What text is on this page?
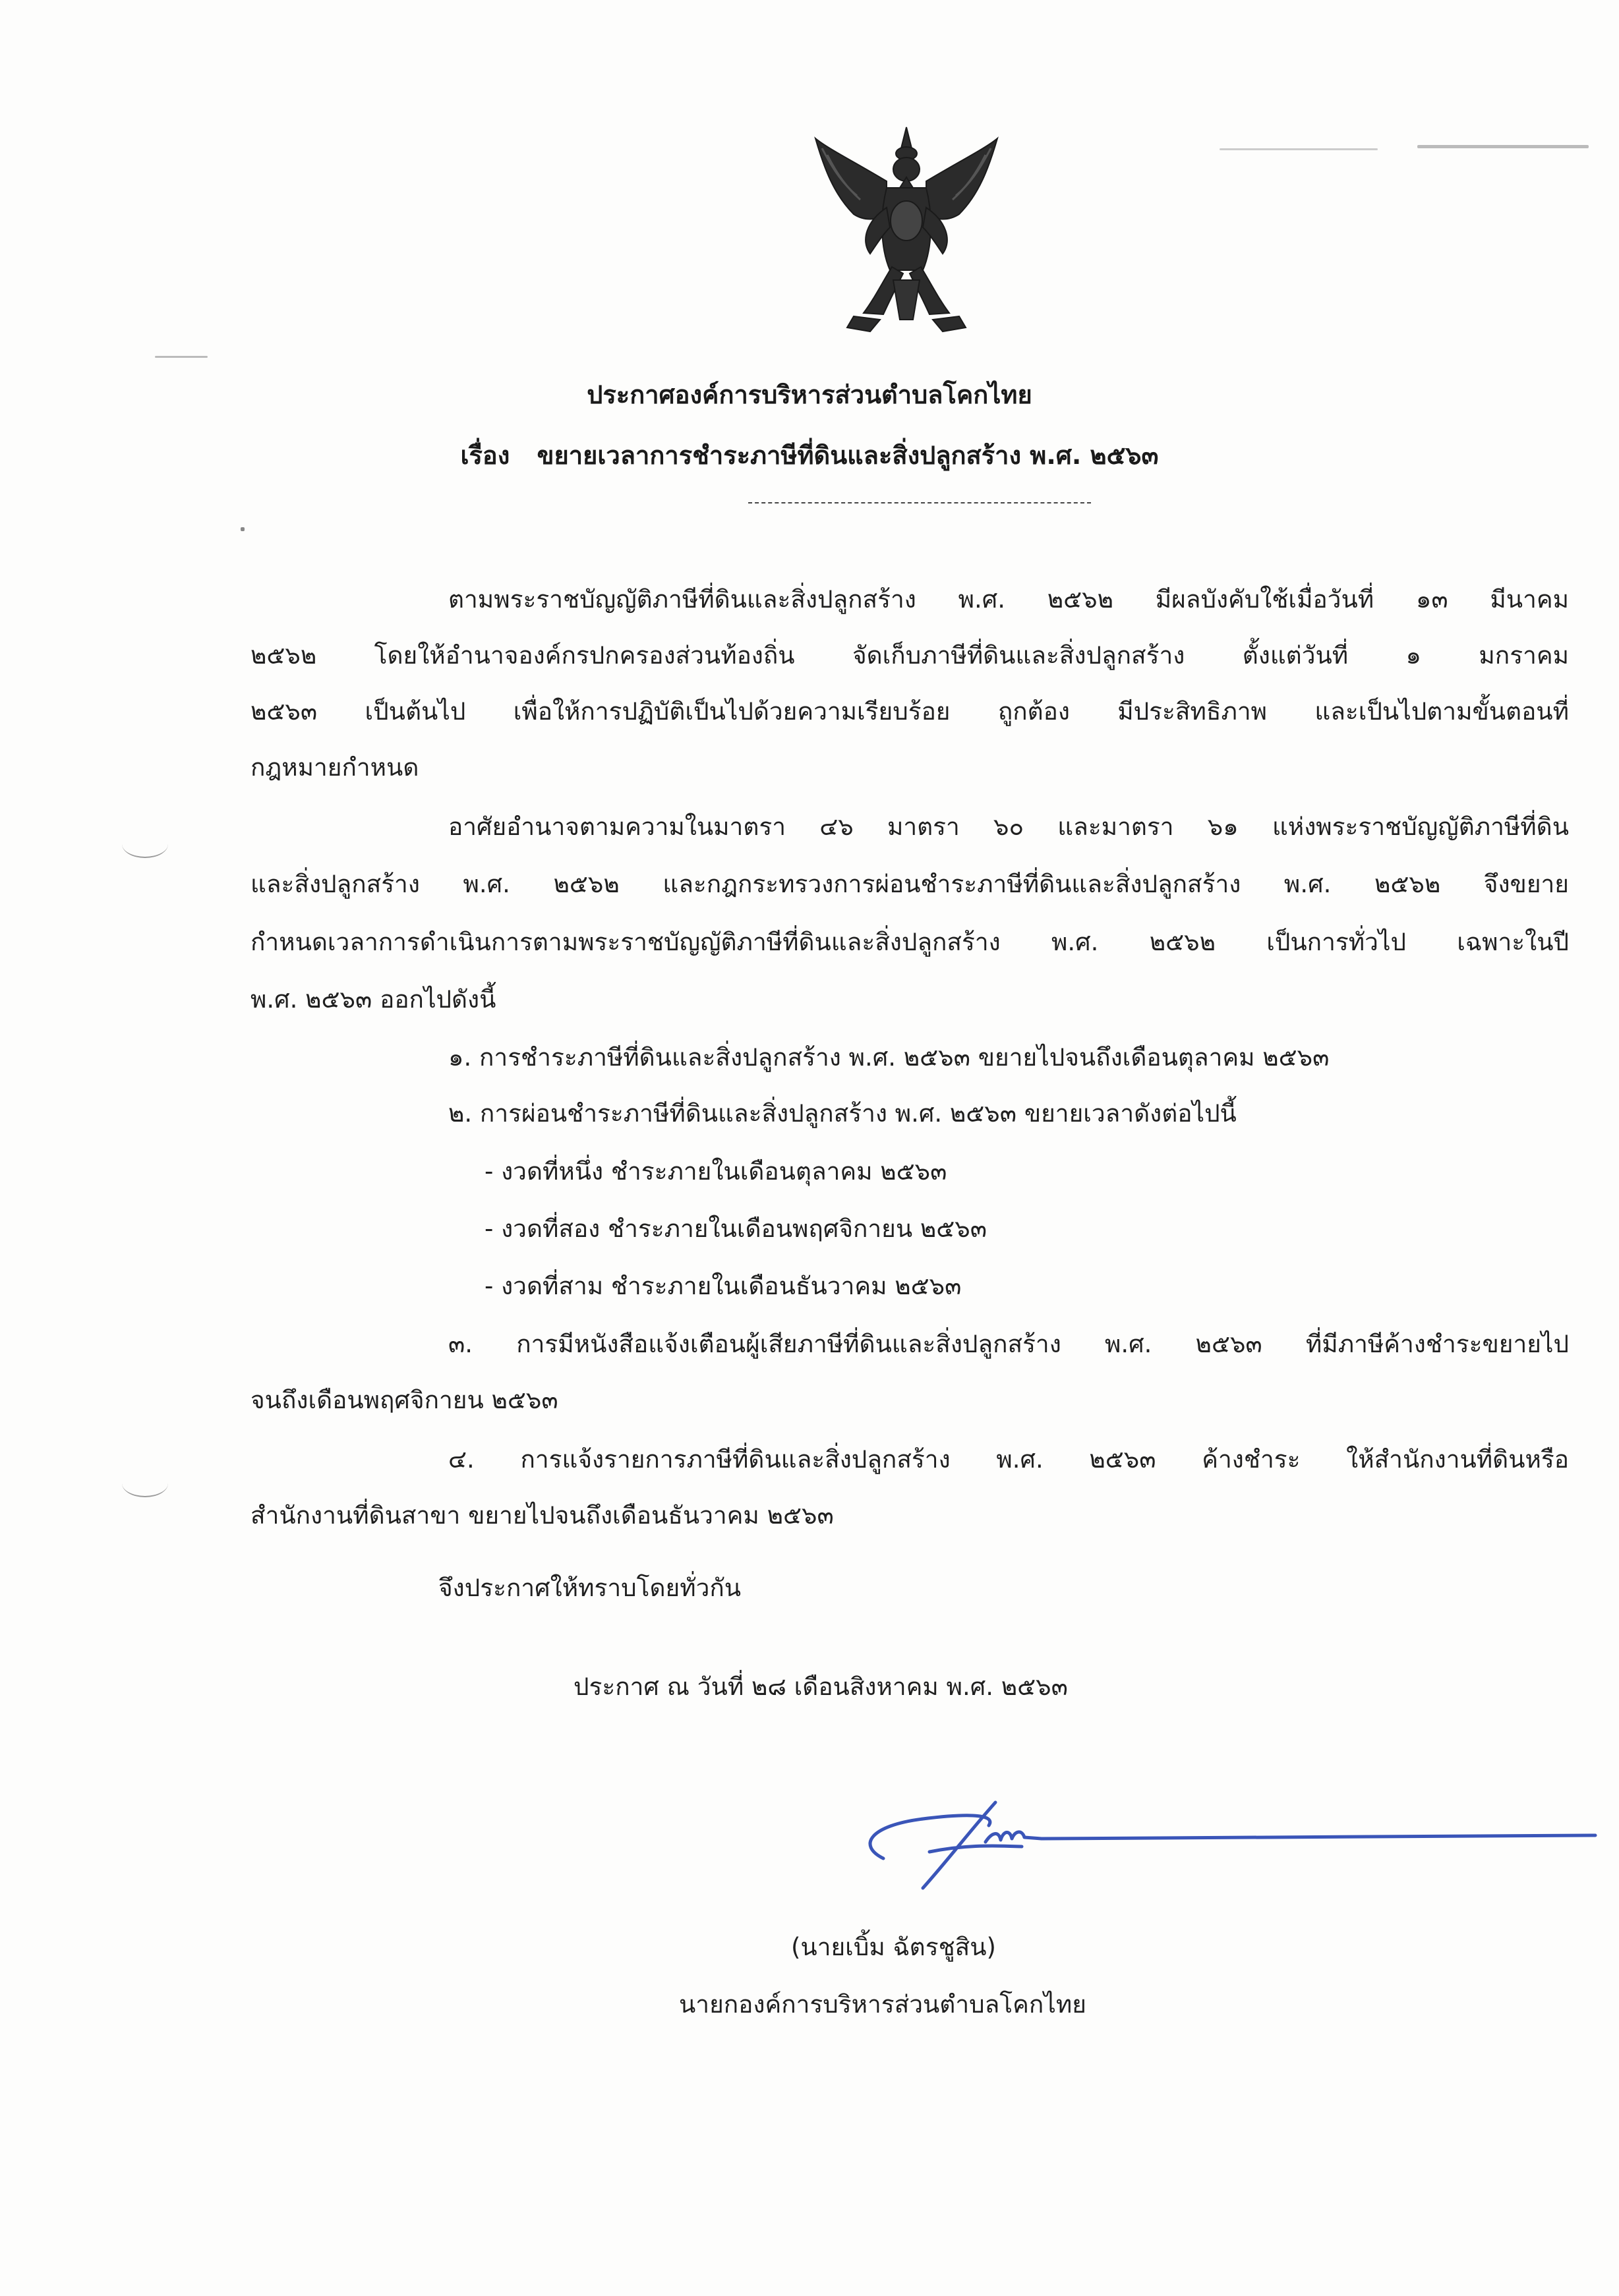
ประกาศองค์การบริหารส่วนตำบลโคกไทย
เรื่อง ขยายเวลาการชำระภาษีที่ดินและสิ่งปลูกสร้าง พ.ศ. ๒๕๖๓
ตามพระราชบัญญัติภาษีที่ดินและสิ่งปลูกสร้าง พ.ศ. ๒๕๖๒ มีผลบังคับใช้เมื่อวันที่ ๑๓ มีนาคม
๒๕๖๒ โดยให้อำนาจองค์กรปกครองส่วนท้องถิ่น จัดเก็บภาษีที่ดินและสิ่งปลูกสร้าง ตั้งแต่วันที่ ๑ มกราคม
๒๕๖๓ เป็นต้นไป เพื่อให้การปฏิบัติเป็นไปด้วยความเรียบร้อย ถูกต้อง มีประสิทธิภาพ และเป็นไปตามขั้นตอนที่
กฎหมายกำหนด
อาศัยอำนาจตามความในมาตรา ๔๖ มาตรา ๖๐ และมาตรา ๖๑ แห่งพระราชบัญญัติภาษีที่ดิน
และสิ่งปลูกสร้าง พ.ศ. ๒๕๖๒ และกฎกระทรวงการผ่อนชำระภาษีที่ดินและสิ่งปลูกสร้าง พ.ศ. ๒๕๖๒ จึงขยาย
กำหนดเวลาการดำเนินการตามพระราชบัญญัติภาษีที่ดินและสิ่งปลูกสร้าง พ.ศ. ๒๕๖๒ เป็นการทั่วไป เฉพาะในปี
พ.ศ. ๒๕๖๓ ออกไปดังนี้
๑. การชำระภาษีที่ดินและสิ่งปลูกสร้าง พ.ศ. ๒๕๖๓ ขยายไปจนถึงเดือนตุลาคม ๒๕๖๓
๒. การผ่อนชำระภาษีที่ดินและสิ่งปลูกสร้าง พ.ศ. ๒๕๖๓ ขยายเวลาดังต่อไปนี้
- งวดที่หนึ่ง ชำระภายในเดือนตุลาคม ๒๕๖๓
- งวดที่สอง ชำระภายในเดือนพฤศจิกายน ๒๕๖๓
- งวดที่สาม ชำระภายในเดือนธันวาคม ๒๕๖๓
๓. การมีหนังสือแจ้งเตือนผู้เสียภาษีที่ดินและสิ่งปลูกสร้าง พ.ศ. ๒๕๖๓ ที่มีภาษีค้างชำระขยายไป
จนถึงเดือนพฤศจิกายน ๒๕๖๓
๔. การแจ้งรายการภาษีที่ดินและสิ่งปลูกสร้าง พ.ศ. ๒๕๖๓ ค้างชำระ ให้สำนักงานที่ดินหรือ
สำนักงานที่ดินสาขา ขยายไปจนถึงเดือนธันวาคม ๒๕๖๓
จึงประกาศให้ทราบโดยทั่วกัน
ประกาศ ณ วันที่ ๒๘ เดือนสิงหาคม พ.ศ. ๒๕๖๓
(นายเบิ้ม ฉัตรชูสิน)
นายกองค์การบริหารส่วนตำบลโคกไทย
